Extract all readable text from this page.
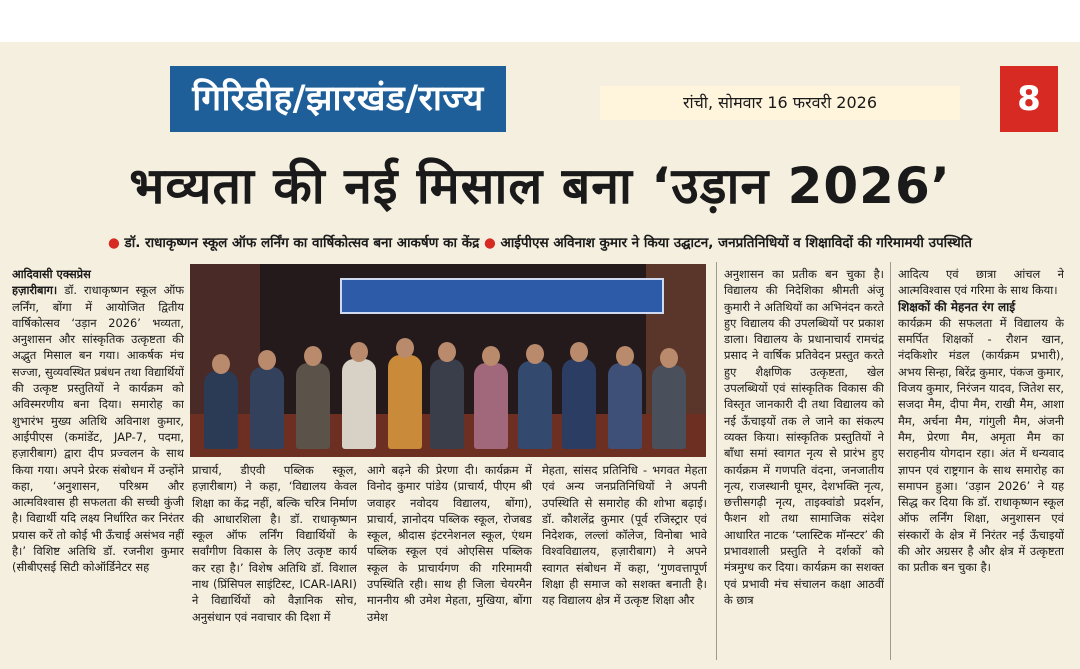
गिरिडीह/झारखंड/राज्य	रांची, सोमवार 16 फरवरी 2026	8
भव्यता की नई मिसाल बना ‘उड़ान 2026’
● डॉ. राधाकृष्णन स्कूल ऑफ लर्निंग का वार्षिकोत्सव बना आकर्षण का केंद्र ● आईपीएस अविनाश कुमार ने किया उद्घाटन, जनप्रतिनिधियों व शिक्षाविदों की गरिमामयी उपस्थिति

आदिवासी एक्सप्रेस

हज़ारीबाग। डॉ. राधाकृष्णन स्कूल ऑफ लर्निंग, बोंगा में आयोजित द्वितीय वार्षिकोत्सव ‘उड़ान 2026’ भव्यता, अनुशासन और सांस्कृतिक उत्कृष्टता की अद्भुत मिसाल बन गया। आकर्षक मंच सज्जा, सुव्यवस्थित प्रबंधन तथा विद्यार्थियों की उत्कृष्ट प्रस्तुतियों ने कार्यक्रम को अविस्मरणीय बना दिया। समारोह का शुभारंभ मुख्य अतिथि अविनाश कुमार, आईपीएस (कमांडेंट, JAP-7, पदमा, हज़ारीबाग) द्वारा दीप प्रज्वलन के साथ किया गया। अपने प्रेरक संबोधन में उन्होंने कहा, ‘अनुशासन, परिश्रम और आत्मविश्वास ही सफलता की सच्ची कुंजी है। विद्यार्थी यदि लक्ष्य निर्धारित कर निरंतर प्रयास करें तो कोई भी ऊँचाई असंभव नहीं है।’ विशिष्ट अतिथि डॉ. रजनीश कुमार (सीबीएसई सिटी कोऑर्डिनेटर सह

प्राचार्य, डीएवी पब्लिक स्कूल, हज़ारीबाग) ने कहा, ‘विद्यालय केवल शिक्षा का केंद्र नहीं, बल्कि चरित्र निर्माण की आधारशिला है। डॉ. राधाकृष्णन स्कूल ऑफ लर्निंग विद्यार्थियों के सर्वांगीण विकास के लिए उत्कृष्ट कार्य कर रहा है।’ विशेष अतिथि डॉ. विशाल नाथ (प्रिंसिपल साइंटिस्ट, ICAR-IARI) ने विद्यार्थियों को वैज्ञानिक सोच, अनुसंधान एवं नवाचार की दिशा में
आगे बढ़ने की प्रेरणा दी। कार्यक्रम में विनोद कुमार पांडेय (प्राचार्य, पीएम श्री जवाहर नवोदय विद्यालय, बोंगा), प्राचार्य, ज्ञानोदय पब्लिक स्कूल, रोजबड स्कूल, श्रीदास इंटरनेशनल स्कूल, एंथम पब्लिक स्कूल एवं ओएसिस पब्लिक स्कूल के प्राचार्यगण की गरिमामयी उपस्थिति रही। साथ ही जिला चेयरमैन माननीय श्री उमेश मेहता, मुखिया, बोंगा उमेश
मेहता, सांसद प्रतिनिधि - भगवत मेहता एवं अन्य जनप्रतिनिधियों ने अपनी उपस्थिति से समारोह की शोभा बढ़ाई। डॉ. कौशलेंद्र कुमार (पूर्व रजिस्ट्रार एवं निदेशक, लल्लां कॉलेज, विनोबा भावे विश्वविद्यालय, हज़ारीबाग) ने अपने स्वागत संबोधन में कहा, ‘गुणवत्तापूर्ण शिक्षा ही समाज को सशक्त बनाती है। यह विद्यालय क्षेत्र में उत्कृष्ट शिक्षा और
अनुशासन का प्रतीक बन चुका है। विद्यालय की निदेशिका श्रीमती अंजू कुमारी ने अतिथियों का अभिनंदन करते हुए विद्यालय की उपलब्धियों पर प्रकाश डाला। विद्यालय के प्रधानाचार्य रामचंद्र प्रसाद ने वार्षिक प्रतिवेदन प्रस्तुत करते हुए शैक्षणिक उत्कृष्टता, खेल उपलब्धियों एवं सांस्कृतिक विकास की विस्तृत जानकारी दी तथा विद्यालय को नई ऊँचाइयों तक ले जाने का संकल्प व्यक्त किया। सांस्कृतिक प्रस्तुतियों ने बाँधा समां स्वागत नृत्य से प्रारंभ हुए कार्यक्रम में गणपति वंदना, जनजातीय नृत्य, राजस्थानी घूमर, देशभक्ति नृत्य, छत्तीसगढ़ी नृत्य, ताइक्वांडो प्रदर्शन, फैशन शो तथा सामाजिक संदेश आधारित नाटक ‘प्लास्टिक मॉन्स्टर’ की प्रभावशाली प्रस्तुति ने दर्शकों को मंत्रमुग्ध कर दिया। कार्यक्रम का सशक्त एवं प्रभावी मंच संचालन कक्षा आठवीं के छात्र

आदित्य एवं छात्रा आंचल ने आत्मविश्वास एवं गरिमा के साथ किया।

शिक्षकों की मेहनत रंग लाई

कार्यक्रम की सफलता में विद्यालय के समर्पित शिक्षकों - रौशन खान, नंदकिशोर मंडल (कार्यक्रम प्रभारी), अभय सिन्हा, बिरेंद्र कुमार, पंकज कुमार, विजय कुमार, निरंजन यादव, जितेश सर, सजदा मैम, दीपा मैम, राखी मैम, आशा मैम, अर्चना मैम, गांगुली मैम, अंजनी मैम, प्रेरणा मैम, अमृता मैम का सराहनीय योगदान रहा। अंत में धन्यवाद ज्ञापन एवं राष्ट्रगान के साथ समारोह का समापन हुआ। ‘उड़ान 2026’ ने यह सिद्ध कर दिया कि डॉ. राधाकृष्णन स्कूल ऑफ लर्निंग शिक्षा, अनुशासन एवं संस्कारों के क्षेत्र में निरंतर नई ऊँचाइयों की ओर अग्रसर है और क्षेत्र में उत्कृष्टता का प्रतीक बन चुका है।
